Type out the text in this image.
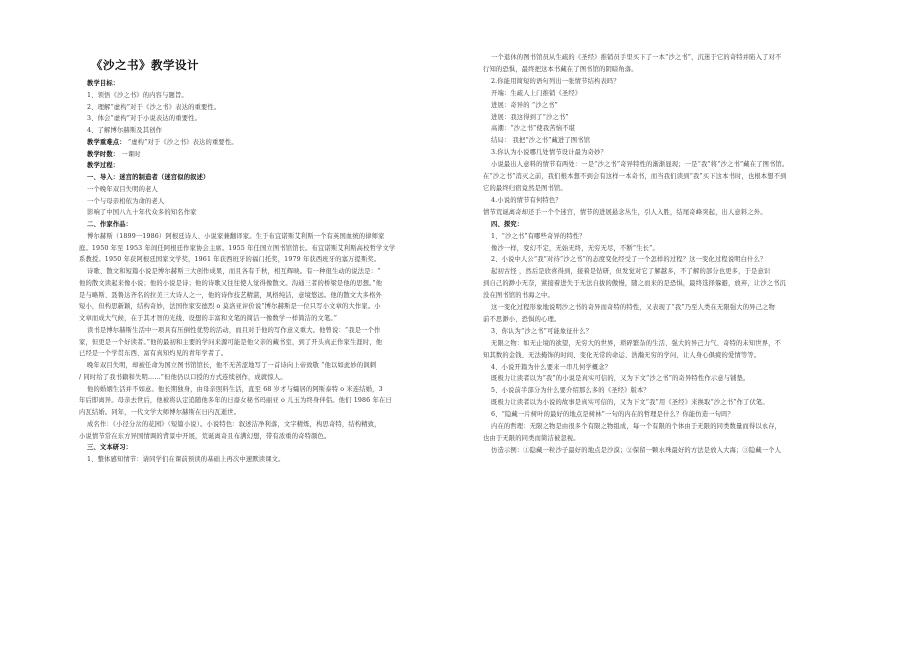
《沙之书》教学设计
教学目标：
1、领悟《沙之书》的内容与题旨。
2、理解“虚构”对于《沙之书》表达的重要性。
3、体会“虚构”对于小说表达的重要性。
4、了解博尔赫斯及其创作
教学重难点： “虚构”对于《沙之书》表达的重要性。
教学时数： 一课时
教学过程：
一、导入：迷宫的制造者（迷宫似的叙述）
一个晚年双目失明的老人
一个与母亲相依为命的老人
影响了中国八九十年代众多的知名作家
二、作家作品：
博尔赫斯（1899一1986）阿根廷诗人、小说家兼翻译家。生于布宜诺斯艾利斯一个有英国血统的律师家
庭。1950 年至 1953 年间任阿根廷作家协会主席。1955 年任国立图书馆馆长。布宜诺斯艾利斯高校哲学文学
系教授。1950 年获阿根廷国家文学奖，1961 年获西班牙的福门托奖，1979 年获西班牙的塞万提斯奖。
诗歌、散文和短篇小说是博尔赫斯三大创作成果，而且各有千秋，相互辉映。有一种很生动的说法是：“
他的散文读起来像小说；他的小说是诗；他的诗歌又往往使人觉得像散文。沟通三者的桥梁是他的思想。”他
是与略斯、聂鲁达齐名的拉美三大诗人之一，他的诗作技艺精湛，风格纯洁，意境悠远。他的散文大多格外
短小，但构思新颖，结构奇妙，法国作家安德烈 o 莫洛亚评价说“博尔赫斯是一位只写小文章的大作家。小
文章而成大气候，在于其才智的光线、设想的丰富和文笔的简洁一像数学一样简洁的文笔。”
读书是博尔赫斯生活中一项具有压倒性优势的活动，而且对于他的写作意义重大。他曾说：“我是一个作
家，但更是一个好读者。”他的最初和主要的学问来源可能是他父亲的藏书室，到了开头真正作家生涯时，他
已经是一个学贯东西、富有真知灼见的青年学者了。
晚年双目失明，却被任命为国立图书馆馆长，他不无苦涩地写了一首诗向上帝致敬 “他以如此妙的讽刺
/ 同时给了我书籍和失明……”但他仍以口授的方式连续创作，成就惊人。
他的婚姻生活并不如意。他长期独身，由母亲照料生活，直至 68 岁才与孀居的阿斯泰特 o 米连结婚，3
年后即离异。母亲去世后，他被将认定追随他多年的日裔女秘书玛丽亚 o 儿玉为终身伴侣。他们 1986 年在日
内瓦结婚。同年，一代文学大师博尔赫斯在日内瓦逝世。
成名作：《小径分岔的花园》（短篇小说）。小说特色：叙述洁净利落，文字精炼，构思奇特，结构精致，
小说情节常在东方异国情调的背景中开展，荒诞离奇且布满幻想，带有浓重的奇特颜色。
三、文本研习：
1、整体感知情节：请同学们在课前预读的基础上再次中速默读课文。
一个退休的图书馆员从生疏的《圣经》推销员手里买下了一本“沙之书”，沉迷于它的奇特并陷入了对不
行知的恐惧，最终把这本书藏在了图书馆的阴暗角落。
2.你能用简短的语句列出一张情节结构表吗？
开端：生疏人上门推销《圣经》
进展：奇异的 “沙之书”
进展：我这得到了“沙之书”
高潮：“沙之书”使我苦恼不堪
结局： 我把“沙之书”藏进了图书馆
3.你认为小说哪几处情节设计最为奇妙？
小说最出人意料的情节有两处：一是“沙之书”奇异特性的渐渐显现；一是“我”将“沙之书”藏在了图书馆。
在“沙之书”消灭之前，我们根本想不到会有这样一本奇书，而当我们读到“我”买下这本书时，也根本想不到
它的最终归宿竟然是图书馆。
4.小说的情节有何特色？
情节荒诞离奇却还手一个个迷宫，情节的进展悬念丛生，引人入胜，结尾奇峰突起，出人意料之外。
四、探究：
1、“沙之书”有哪些奇异的特性？
像沙一样，变幻不定，无始无终，无穷无尽，不断“生长”。
2、小说中人公“我”对待“沙之书”的态度变化经受了一个怎样的过程？这一变化过程说明白什么？
起初古怪 ，然后是欣喜得到，接着是钻研，但发觉对它了解越多，不了解的部分也更多，于是意识
到自己的渺小无奈，紧接着进失于无法自拔的傲慢，随之而来的是恐惧，最终选择躲避，放弃，让沙之书沉
没在图书馆的书海之中。
这一变化过程形象地说明沙之书的奇异而奇特的特性，又表现了“我”乃至人类在无限强大的异己之物
前不思渺小、恐惧的心理。
3、你认为“沙之书”可能象征什么？
无限之物：如无止境的欲望，无穷大的世界，琐碎繁杂的生活、强大的异己力气、奇特的未知世界，不
知其数的金钱、无法掩饰的时间、变化无常的命运、浩瀚无穷的学问、让人身心俱疲的爱情等等。
4、小说开篇为什么要来一串几何学概念？
既极力让读者以为“我”的小说是真实可信的，又为下文“沙之书”的奇异特性作示意与铺垫。
5、小说前半部分为什么要介绍那么多的《圣经》版本？
既极力让读者以为小说的故事是真实可信的，又为下文“我”用《圣经》来换取“沙之书”作了伏笔。
6、“隐藏一片树叶的最好的地点是树林”一句的内在的哲理是什么？你能仿造一句吗？
内在的哲理：无限之物是由很多个有限之物组成，每一个有限的个体由于无限的同类数量而得以永存，
也由于无限的同类而简洁被忽视。
仿造示例：①隐藏一粒沙子最好的地点是沙漠；②保留一颗水珠最好的方法是放入大海；③隐藏一个人
